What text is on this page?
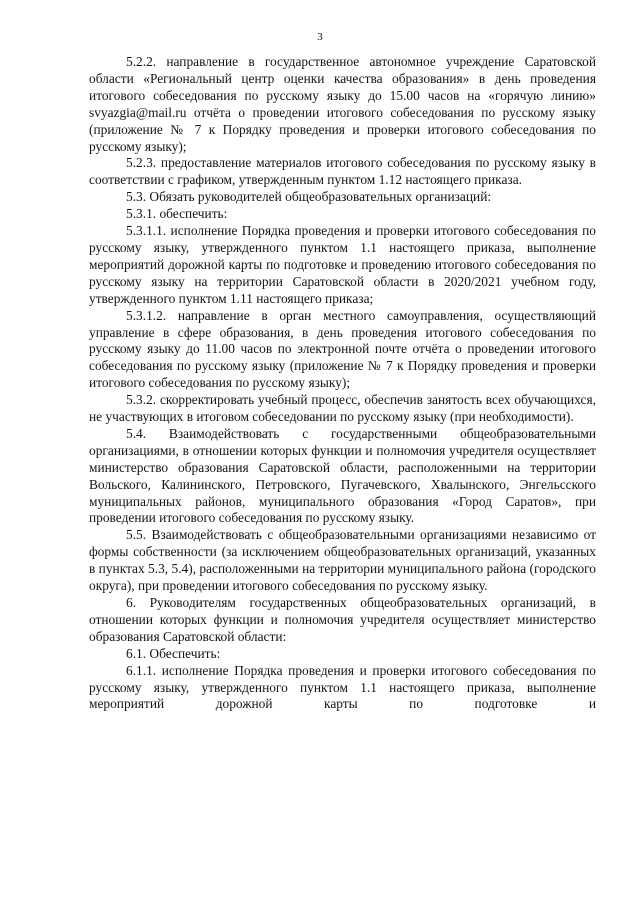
3

5.2.2. направление в государственное автономное учреждение Саратовской области «Региональный центр оценки качества образования» в день проведения итогового собеседования по русскому языку до 15.00 часов на «горячую линию» svyazgia@mail.ru отчёта о проведении итогового собеседования по русскому языку (приложение № 7 к Порядку проведения и проверки итогового собеседования по русскому языку);

5.2.3. предоставление материалов итогового собеседования по русскому языку в соответствии с графиком, утвержденным пунктом 1.12 настоящего приказа.

5.3. Обязать руководителей общеобразовательных организаций:

5.3.1. обеспечить:

5.3.1.1. исполнение Порядка проведения и проверки итогового собеседования по русскому языку, утвержденного пунктом 1.1 настоящего приказа, выполнение мероприятий дорожной карты по подготовке и проведению итогового собеседования по русскому языку на территории Саратовской области в 2020/2021 учебном году, утвержденного пунктом 1.11 настоящего приказа;

5.3.1.2. направление в орган местного самоуправления, осуществляющий управление в сфере образования, в день проведения итогового собеседования по русскому языку до 11.00 часов по электронной почте отчёта о проведении итогового собеседования по русскому языку (приложение № 7 к Порядку проведения и проверки итогового собеседования по русскому языку);

5.3.2. скорректировать учебный процесс, обеспечив занятость всех обучающихся, не участвующих в итоговом собеседовании по русскому языку (при необходимости).

5.4. Взаимодействовать с государственными общеобразовательными организациями, в отношении которых функции и полномочия учредителя осуществляет министерство образования Саратовской области, расположенными на территории Вольского, Калининского, Петровского, Пугачевского, Хвалынского, Энгельсского муниципальных районов, муниципального образования «Город Саратов», при проведении итогового собеседования по русскому языку.

5.5. Взаимодействовать с общеобразовательными организациями независимо от формы собственности (за исключением общеобразовательных организаций, указанных в пунктах 5.3, 5.4), расположенными на территории муниципального района (городского округа), при проведении итогового собеседования по русскому языку.

6. Руководителям государственных общеобразовательных организаций, в отношении которых функции и полномочия учредителя осуществляет министерство образования Саратовской области:

6.1. Обеспечить:

6.1.1. исполнение Порядка проведения и проверки итогового собеседования по русскому языку, утвержденного пунктом 1.1 настоящего приказа, выполнение мероприятий дорожной карты по подготовке и
